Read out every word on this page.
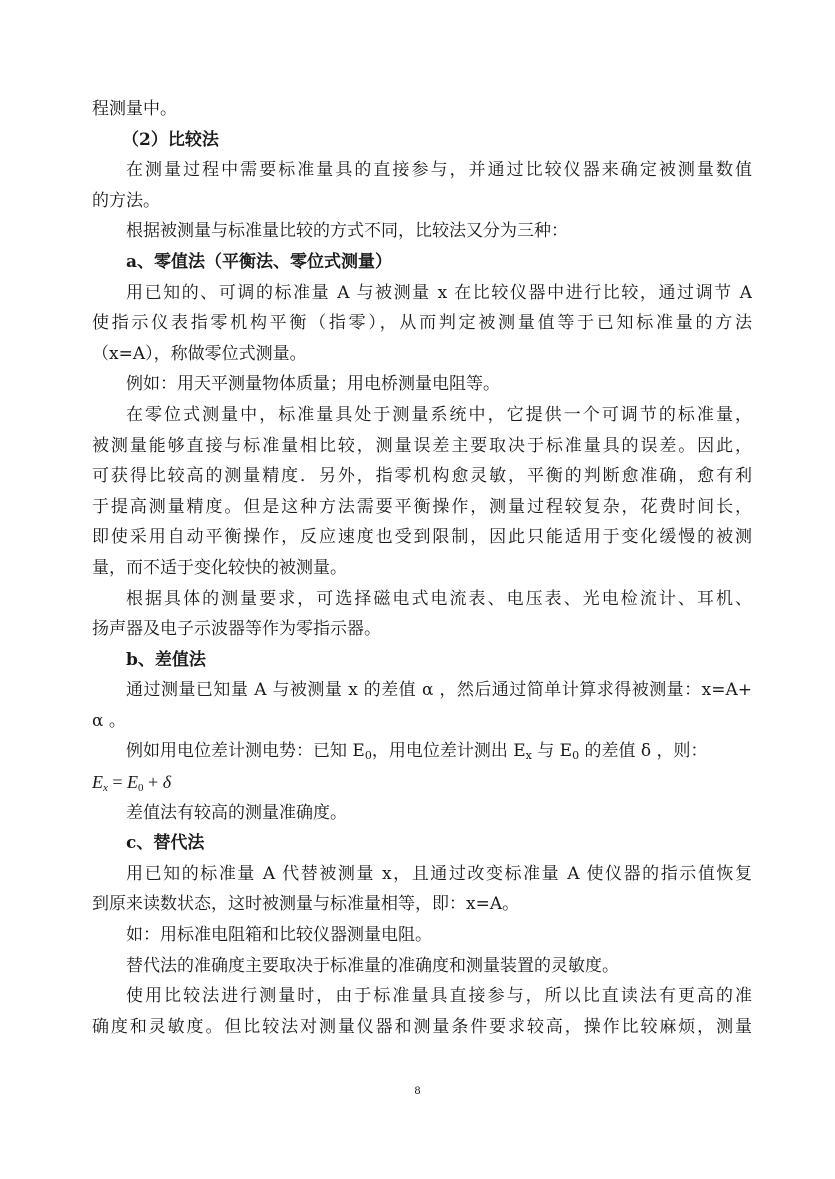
程测量中。
（2）比较法
在测量过程中需要标准量具的直接参与，并通过比较仪器来确定被测量数值
的方法。
根据被测量与标准量比较的方式不同，比较法又分为三种：
a、零值法（平衡法、零位式测量）
用已知的、可调的标准量 A 与被测量 x 在比较仪器中进行比较，通过调节 A
使指示仪表指零机构平衡（指零），从而判定被测量值等于已知标准量的方法
（x=A），称做零位式测量。
例如：用天平测量物体质量；用电桥测量电阻等。
在零位式测量中，标准量具处于测量系统中，它提供一个可调节的标准量，
被测量能够直接与标准量相比较，测量误差主要取决于标准量具的误差。因此，
可获得比较高的测量精度．另外，指零机构愈灵敏，平衡的判断愈准确，愈有利
于提高测量精度。但是这种方法需要平衡操作，测量过程较复杂，花费时间长，
即使采用自动平衡操作，反应速度也受到限制，因此只能适用于变化缓慢的被测
量，而不适于变化较快的被测量。
根据具体的测量要求，可选择磁电式电流表、电压表、光电检流计、耳机、
扬声器及电子示波器等作为零指示器。
b、差值法
通过测量已知量 A 与被测量 x 的差值 α ，然后通过简单计算求得被测量：x=A+
α 。
例如用电位差计测电势：已知 $E_0$，用电位差计测出 $E_x$ 与 $E_0$ 的差值 δ ，则：
$E_x = E_0 + \delta$
差值法有较高的测量准确度。
c、替代法
用已知的标准量 A 代替被测量 x，且通过改变标准量 A 使仪器的指示值恢复
到原来读数状态，这时被测量与标准量相等，即：x=A。
如：用标准电阻箱和比较仪器测量电阻。
替代法的准确度主要取决于标准量的准确度和测量装置的灵敏度。
使用比较法进行测量时，由于标准量具直接参与，所以比直读法有更高的准
确度和灵敏度。但比较法对测量仪器和测量条件要求较高，操作比较麻烦，测量
8
